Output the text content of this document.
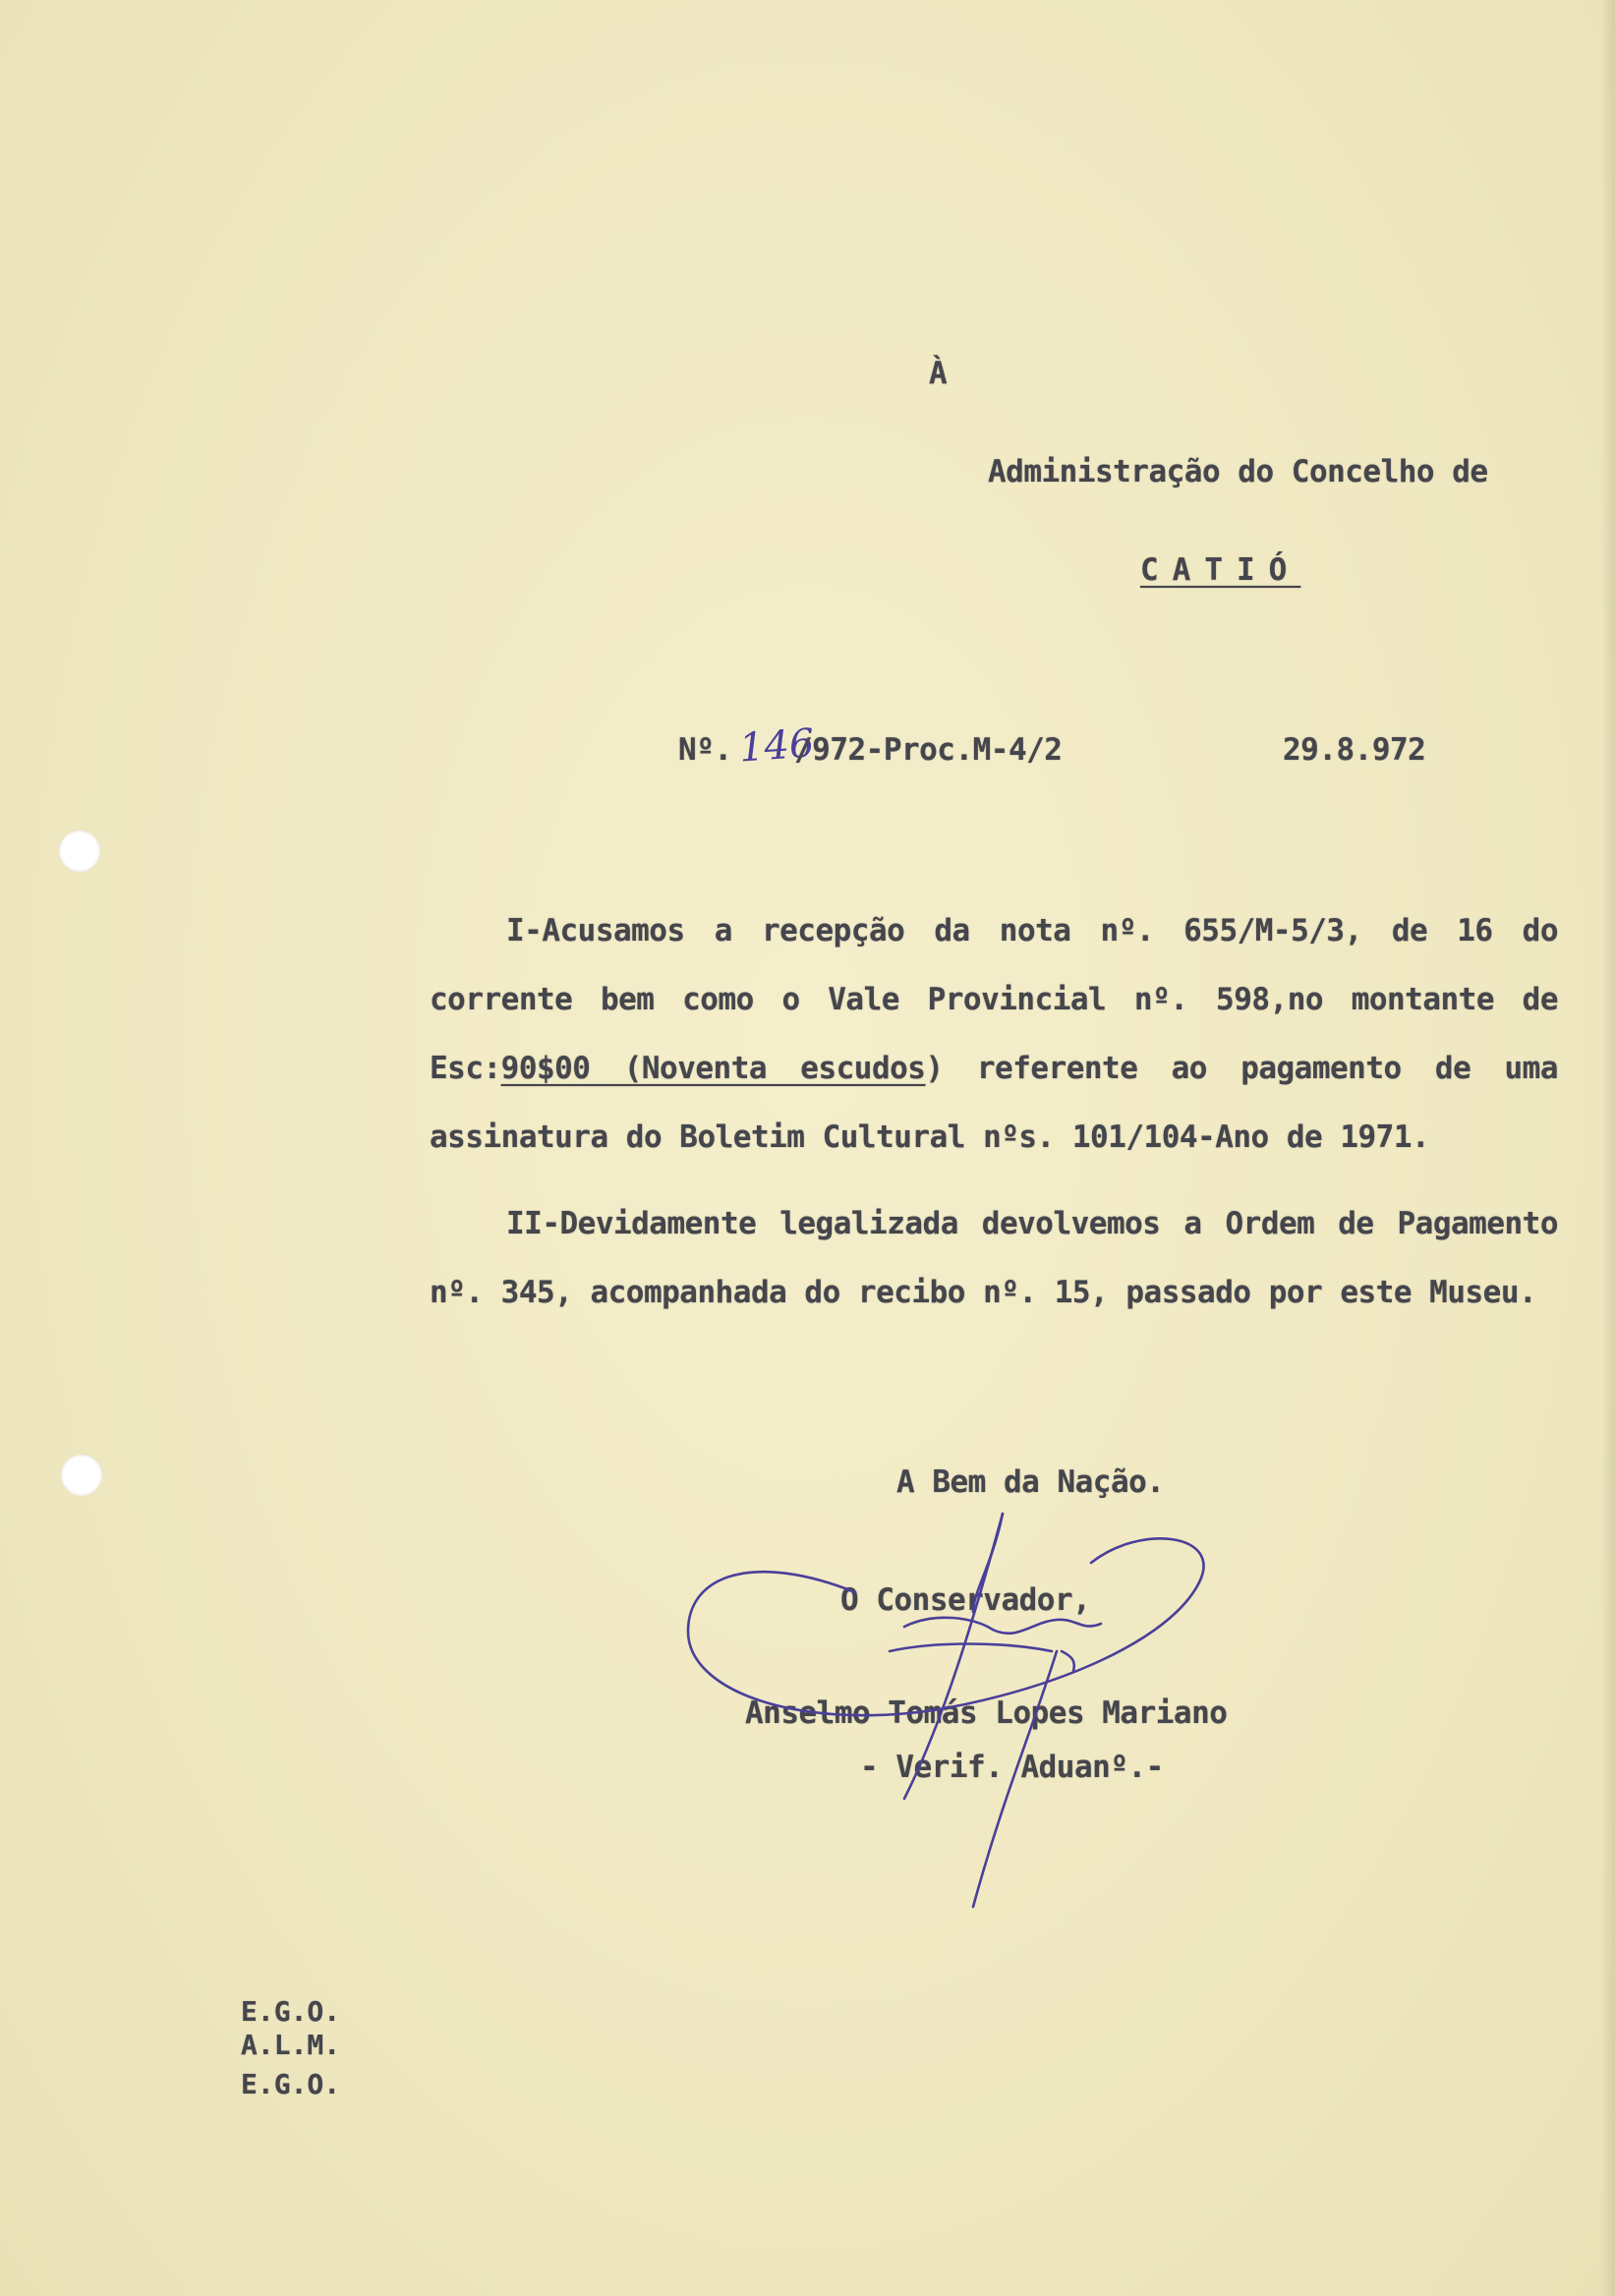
À
Administração do Concelho de
CATIÓ
Nº. 146
/972-Proc.M-4/2	29.8.972
I-Acusamos a recepção da nota nº. 655/M-5/3, de 16 do corrente bem como o Vale Provincial nº. 598,no montante de Esc:90$00 (Noventa escudos) referente ao pagamento de uma assinatura do Boletim Cultural nºs. 101/104-Ano de 1971.
II-Devidamente legalizada devolvemos a Ordem de Pagamento nº. 345, acompanhada do recibo nº. 15, passado por este Museu.
A Bem da Nação.
O Conservador,
Anselmo Tomás Lopes Mariano
- Verif. Aduanº.-
E.G.O.
A.L.M.
E.G.O.
